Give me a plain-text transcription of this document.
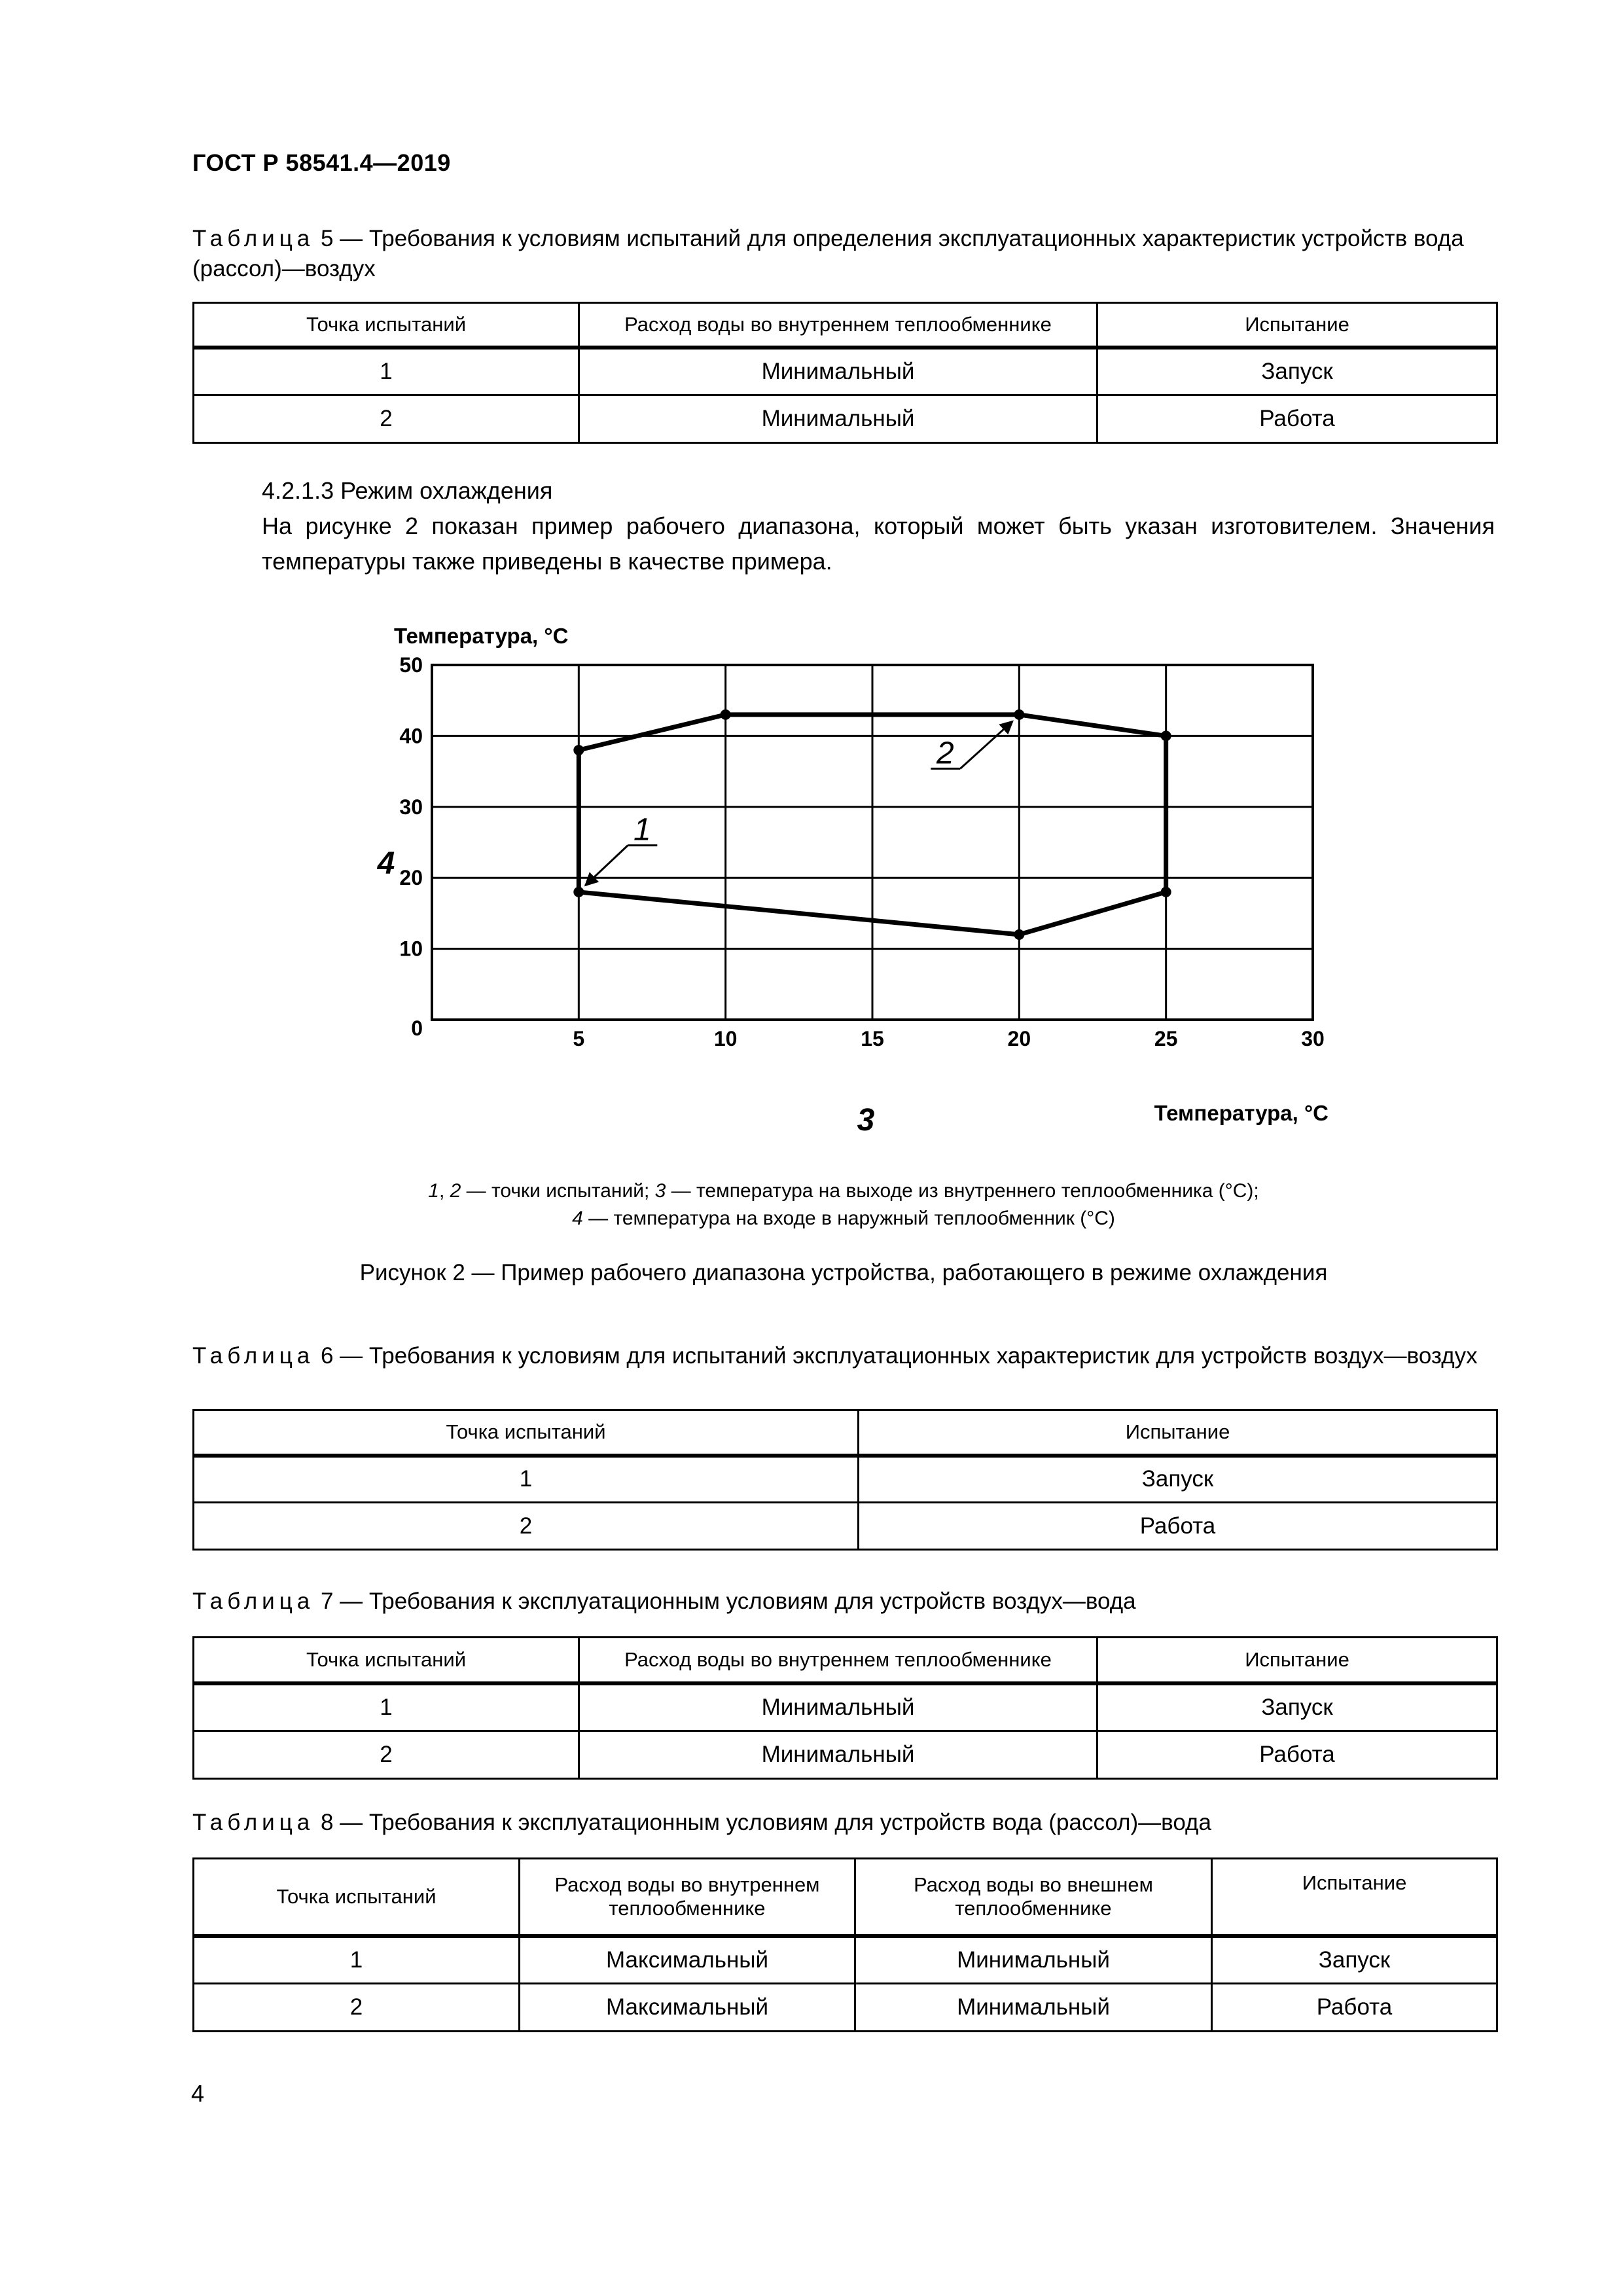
ГОСТ Р 58541.4—2019
Таблица 5 — Требования к условиям испытаний для определения эксплуатационных характеристик устройств вода (рассол)—воздух
Точка испытаний	Расход воды во внутреннем теплообменнике	Испытание
1	Минимальный	Запуск
2	Минимальный	Работа

4.2.1.3 Режим охлаждения

На рисунке 2 показан пример рабочего диапазона, который может быть указан изготовителем. Значения температуры также приведены в качестве примера.

5	10	15	20	25	30
0
10
20
30
40
50
1
2
Температура, °С
Температура, °С
3
4
1, 2 — точки испытаний; 3 — температура на выходе из внутреннего теплообменника (°C);
4 — температура на входе в наружный теплообменник (°C)
Рисунок 2 — Пример рабочего диапазона устройства, работающего в режиме охлаждения
Таблица 6 — Требования к условиям для испытаний эксплуатационных характеристик для устройств воздух—воздух
Точка испытаний	Испытание
1	Запуск
2	Работа
Таблица 7 — Требования к эксплуатационным условиям для устройств воздух—вода
Точка испытаний	Расход воды во внутреннем теплообменнике	Испытание
1	Минимальный	Запуск
2	Минимальный	Работа
Таблица 8 — Требования к эксплуатационным условиям для устройств вода (рассол)—вода
Точка испытаний	Расход воды во внутреннем теплообменнике	Расход воды во внешнем теплообменнике	Испытание
1	Максимальный	Минимальный	Запуск
2	Максимальный	Минимальный	Работа
4
